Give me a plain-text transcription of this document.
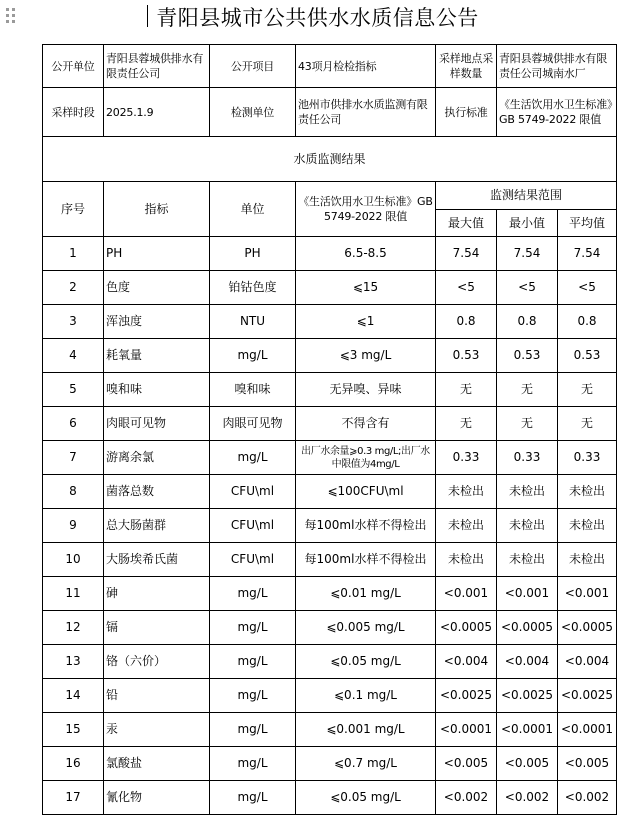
青阳县城市公共供水水质信息公告
公开单位	青阳县蓉城供排水有限责任公司	公开项目	43项月检检指标	采样地点采样数量	青阳县蓉城供排水有限责任公司城南水厂	
采样时段	2025.1.9	检测单位	池州市供排水水质监测有限责任公司	执行标准	《生活饮用水卫生标准》GB 5749-2022 限值	
水质监测结果						
序号	指标	单位	《生活饮用水卫生标准》GB 5749-2022 限值	监测结果范围		
				最大值	最小值	平均值
1	PH	PH	6.5-8.5	7.54	7.54	7.54
2	色度	铂钴色度	⩽15	<5	<5	<5
3	浑浊度	NTU	⩽1	0.8	0.8	0.8
4	耗氧量	mg/L	⩽3 mg/L	0.53	0.53	0.53
5	嗅和味	嗅和味	无异嗅、异味	无	无	无
6	肉眼可见物	肉眼可见物	不得含有	无	无	无
7	游离余氯	mg/L	出厂水余量⩾0.3 mg/L;出厂水中限值为4mg/L	0.33	0.33	0.33
8	菌落总数	CFU\ml	⩽100CFU\ml	未检出	未检出	未检出
9	总大肠菌群	CFU\ml	每100ml水样不得检出	未检出	未检出	未检出
10	大肠埃希氏菌	CFU\ml	每100ml水样不得检出	未检出	未检出	未检出
11	砷	mg/L	⩽0.01 mg/L	<0.001	<0.001	<0.001
12	镉	mg/L	⩽0.005 mg/L	<0.0005	<0.0005	<0.0005
13	铬（六价）	mg/L	⩽0.05 mg/L	<0.004	<0.004	<0.004
14	铅	mg/L	⩽0.1 mg/L	<0.0025	<0.0025	<0.0025
15	汞	mg/L	⩽0.001 mg/L	<0.0001	<0.0001	<0.0001
16	氯酸盐	mg/L	⩽0.7 mg/L	<0.005	<0.005	<0.005
17	氰化物	mg/L	⩽0.05 mg/L	<0.002	<0.002	<0.002
